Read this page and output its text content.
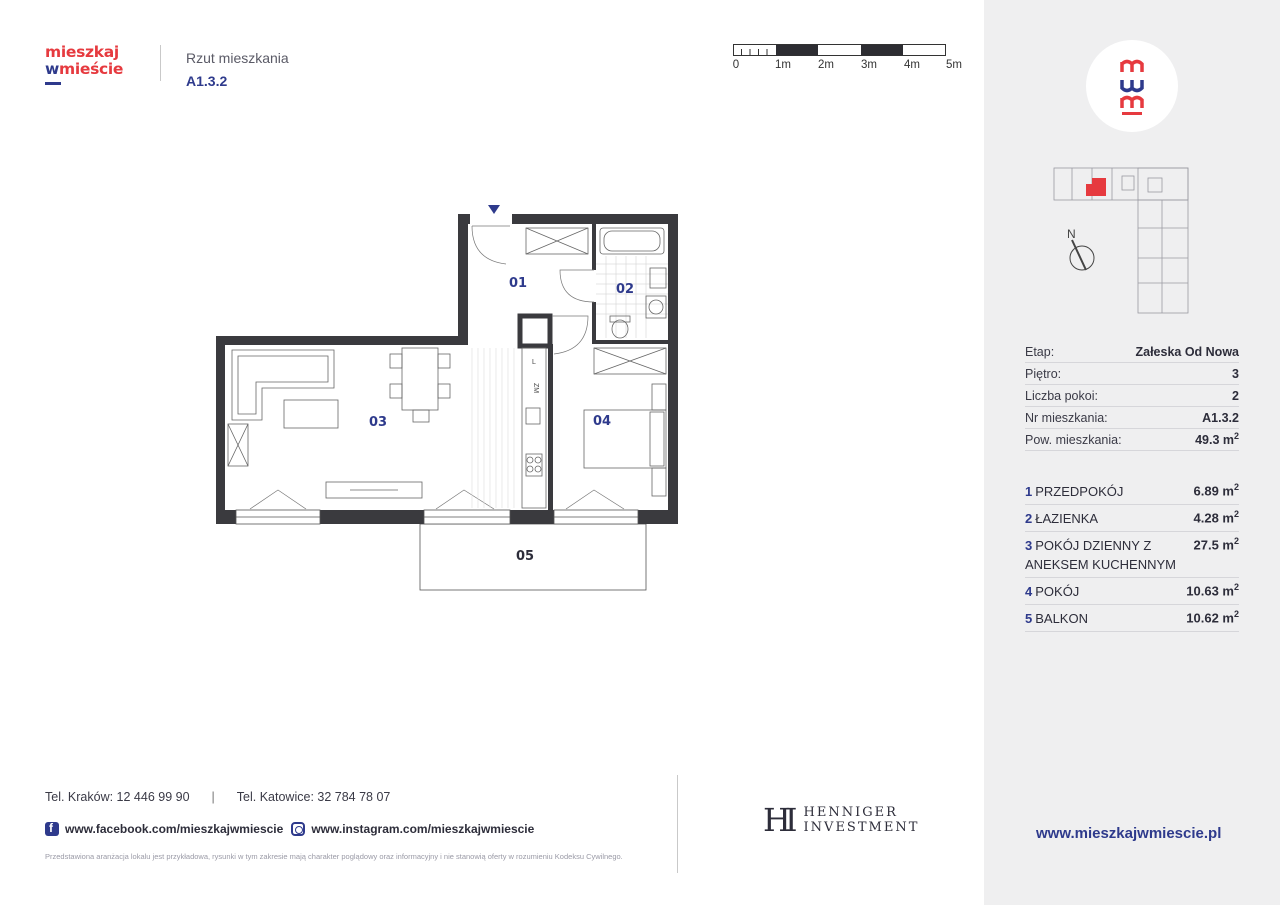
mieszkaj
wmieście
Rzut mieszkania
A1.3.2
0	1m 2m 3m 4m 5m
L
ZM
01	02
03	04
05
Tel. Kraków: 12 446 99 90 | Tel. Katowice: 32 784 78 07
f
www.facebook.com/mieszkajwmiescie www.instagram.com/mieszkajwmiescie
Przedstawiona aranżacja lokalu jest przykładowa, rysunki w tym zakresie mają charakter poglądowy oraz informacyjny i nie stanowią oferty w rozumieniu Kodeksu Cywilnego.
HI HENNIGER
INVESTMENT
N
Etap:	Załeska Od Nowa
Piętro:	3
Liczba pokoi:	2
Nr mieszkania:	A1.3.2
Pow. mieszkania:	49.3 $m^2$
1 PRZEDPOKÓJ	6.89 $m^2$
2 ŁAZIENKA	4.28 $m^2$
3 POKÓJ DZIENNY Z ANEKSEM KUCHENNYM
27.5 $m^2$
4 POKÓJ	10.63 $m^2$
5 BALKON	10.62 $m^2$
www.mieszkajwmiescie.pl
